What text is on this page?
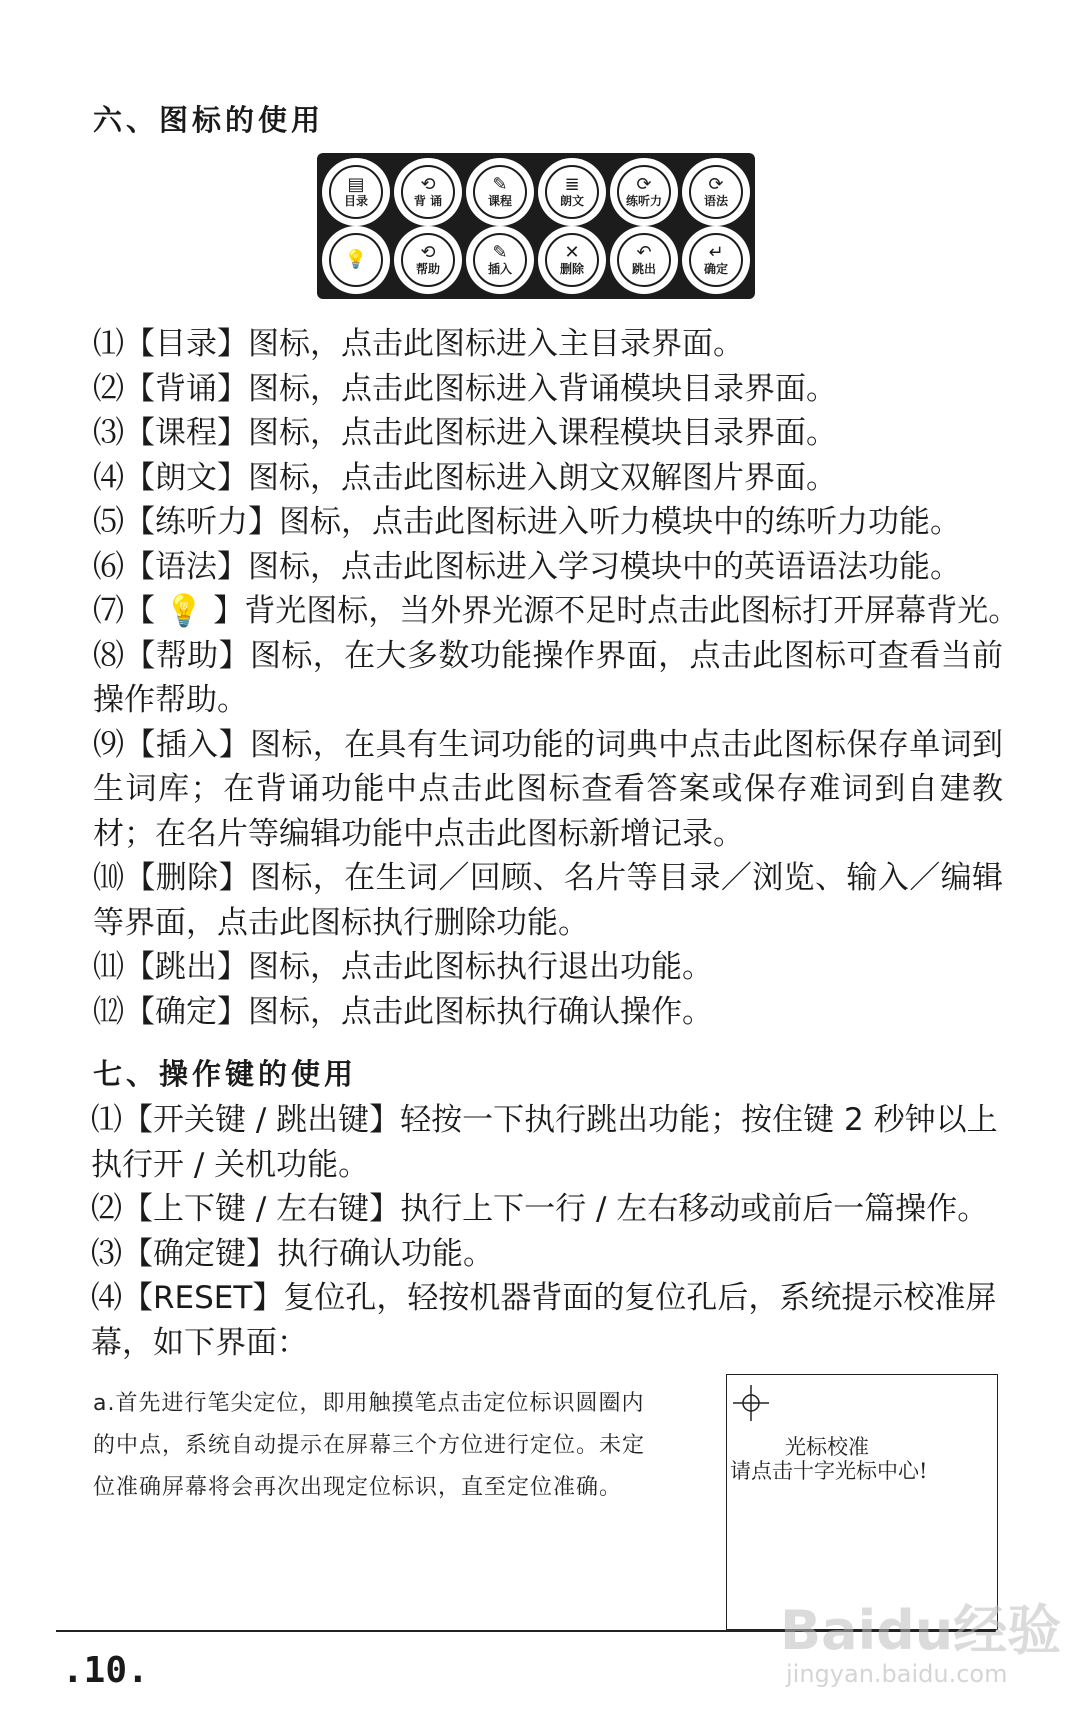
六、图标的使用
▤
目录
⟲
背 诵
✎
课程
≣
朗文
⟳
练听力
⟳
语法
💡	⟲
帮助
✎
插入
✕
删除
↶
跳出
↵
确定

⑴【目录】图标，点击此图标进入主目录界面。

⑵【背诵】图标，点击此图标进入背诵模块目录界面。

⑶【课程】图标，点击此图标进入课程模块目录界面。

⑷【朗文】图标，点击此图标进入朗文双解图片界面。

⑸【练听力】图标，点击此图标进入听力模块中的练听力功能。

⑹【语法】图标，点击此图标进入学习模块中的英语语法功能。

⑺【 💡 】背光图标，当外界光源不足时点击此图标打开屏幕背光。

⑻【帮助】图标，在大多数功能操作界面，点击此图标可查看当前操作帮助。

⑼【插入】图标，在具有生词功能的词典中点击此图标保存单词到生词库；在背诵功能中点击此图标查看答案或保存难词到自建教材；在名片等编辑功能中点击此图标新增记录。

⑽【删除】图标，在生词／回顾、名片等目录／浏览、输入／编辑等界面，点击此图标执行删除功能。

⑾【跳出】图标，点击此图标执行退出功能。

⑿【确定】图标，点击此图标执行确认操作。

七、操作键的使用

⑴【开关键 / 跳出键】轻按一下执行跳出功能；按住键 2 秒钟以上执行开 / 关机功能。

⑵【上下键 / 左右键】执行上下一行 / 左右移动或前后一篇操作。

⑶【确定键】执行确认功能。

⑷【RESET】复位孔，轻按机器背面的复位孔后，系统提示校准屏幕，如下界面：

a.首先进行笔尖定位，即用触摸笔点击定位标识圆圈内的中点，系统自动提示在屏幕三个方位进行定位。未定位准确屏幕将会再次出现定位标识，直至定位准确。
光标校准
请点击十字光标中心!
.10.
Baidu经验
jingyan.baidu.com
